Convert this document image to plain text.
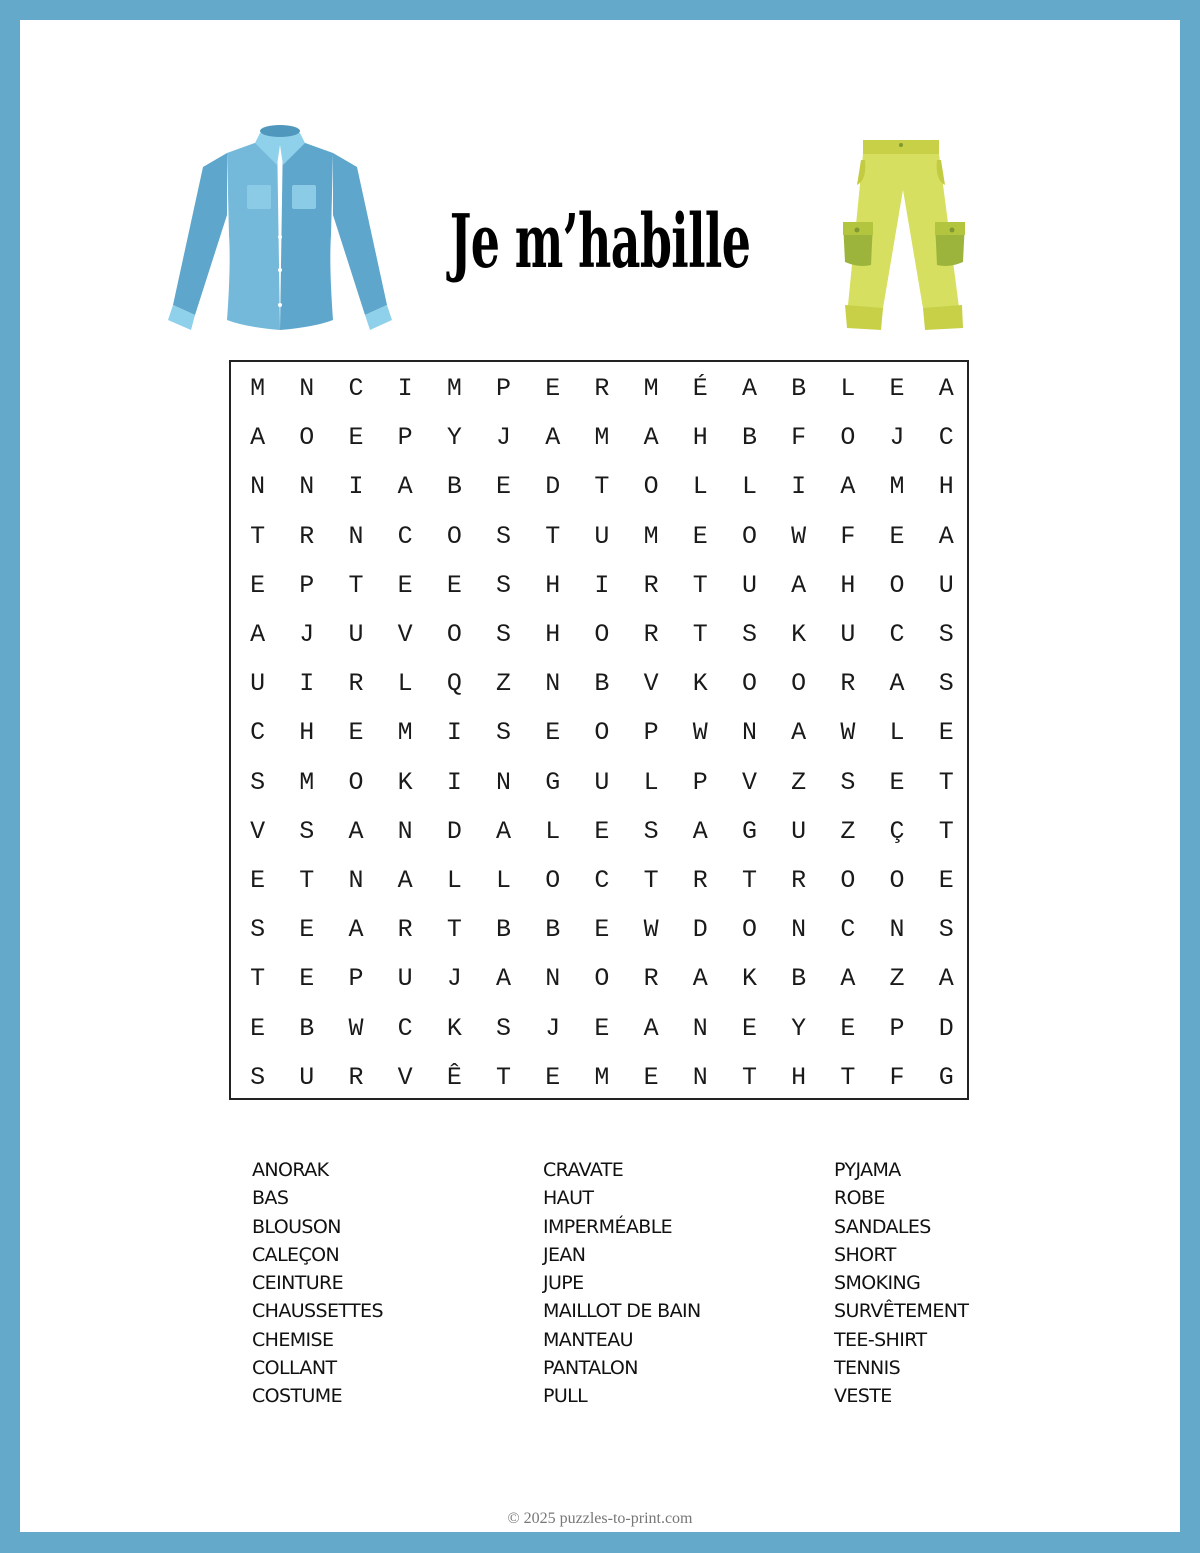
Je m’habille
M	N	C	I	M	P	E	R	M	É	A	B	L	E	A
A	O	E	P	Y	J	A	M	A	H	B	F	O	J	C
N	N	I	A	B	E	D	T	O	L	L	I	A	M	H
T	R	N	C	O	S	T	U	M	E	O	W	F	E	A
E	P	T	E	E	S	H	I	R	T	U	A	H	O	U
A	J	U	V	O	S	H	O	R	T	S	K	U	C	S
U	I	R	L	Q	Z	N	B	V	K	O	O	R	A	S
C	H	E	M	I	S	E	O	P	W	N	A	W	L	E
S	M	O	K	I	N	G	U	L	P	V	Z	S	E	T
V	S	A	N	D	A	L	E	S	A	G	U	Z	Ç	T
E	T	N	A	L	L	O	C	T	R	T	R	O	O	E
S	E	A	R	T	B	B	E	W	D	O	N	C	N	S
T	E	P	U	J	A	N	O	R	A	K	B	A	Z	A
E	B	W	C	K	S	J	E	A	N	E	Y	E	P	D
S	U	R	V	Ê	T	E	M	E	N	T	H	T	F	G
ANORAK
BAS
BLOUSON
CALEÇON
CEINTURE
CHAUSSETTES
CHEMISE
COLLANT
COSTUME
CRAVATE
HAUT
IMPERMÉABLE
JEAN
JUPE
MAILLOT DE BAIN
MANTEAU
PANTALON
PULL
PYJAMA
ROBE
SANDALES
SHORT
SMOKING
SURVÊTEMENT
TEE-SHIRT
TENNIS
VESTE
© 2025 puzzles-to-print.com
